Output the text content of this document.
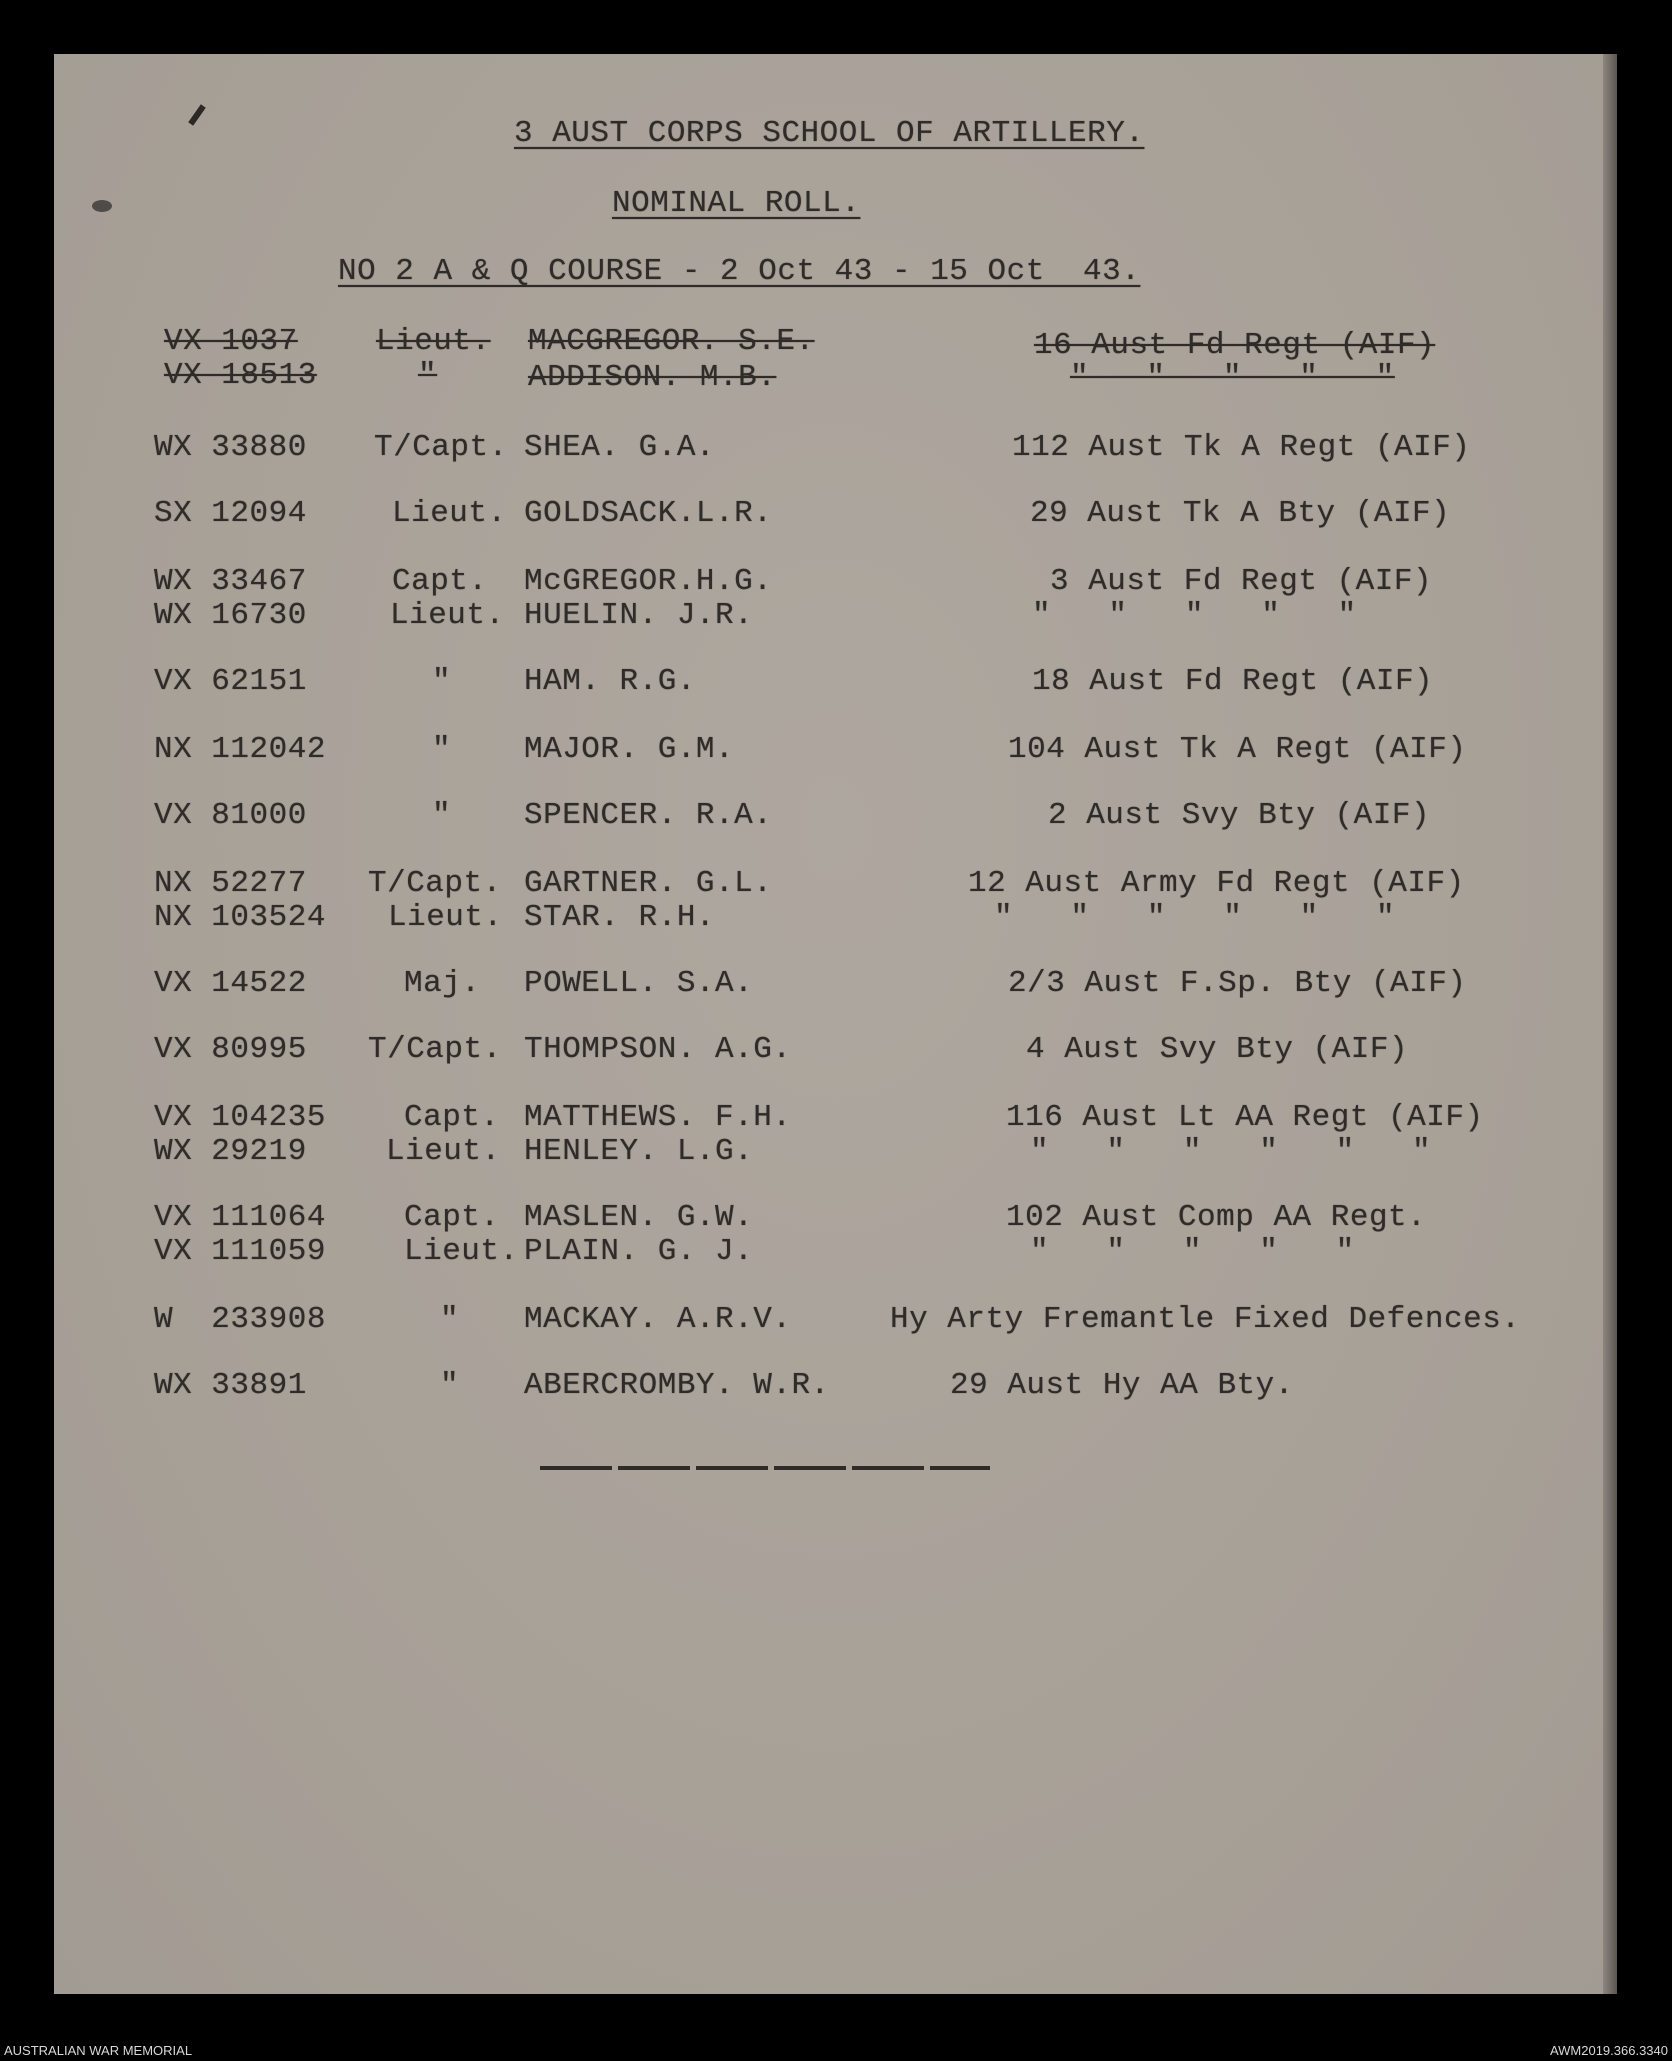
3 AUST CORPS SCHOOL OF ARTILLERY.
NOMINAL ROLL.
NO 2 A & Q COURSE - 2 Oct 43 - 15 Oct  43.
VX 1037	Lieut. MACGREGOR. S.E.	16 Aust Fd Regt (AIF)
VX 18513	"	ADDISON. M.B.	"   "   "   "   "
WX 33880 T/Capt. SHEA. G.A.	112 Aust Tk A Regt (AIF)
SX 12094	Lieut. GOLDSACK.L.R.	29 Aust Tk A Bty (AIF)
WX 33467	Capt. McGREGOR.H.G.	3 Aust Fd Regt (AIF)
WX 16730	Lieut. HUELIN. J.R.	"   "   "   "   "
VX 62151	" HAM. R.G.	18 Aust Fd Regt (AIF)
NX 112042	" MAJOR. G.M.	104 Aust Tk A Regt (AIF)
VX 81000	" SPENCER. R.A.	2 Aust Svy Bty (AIF)
NX 52277 T/Capt. GARTNER. G.L.	12 Aust Army Fd Regt (AIF)
NX 103524 Lieut. STAR. R.H.	"   "   "   "   "   "
VX 14522	Maj. POWELL. S.A.	2/3 Aust F.Sp. Bty (AIF)
VX 80995 T/Capt. THOMPSON. A.G.	4 Aust Svy Bty (AIF)
VX 104235	Capt. MATTHEWS. F.H.	116 Aust Lt AA Regt (AIF)
WX 29219	Lieut. HENLEY. L.G.	"   "   "   "   "   "
VX 111064	Capt. MASLEN. G.W.	102 Aust Comp AA Regt.
VX 111059	Lieut. PLAIN. G. J.	"   "   "   "   "
W  233908	" MACKAY. A.R.V.	Hy Arty Fremantle Fixed Defences.
WX 33891	" ABERCROMBY. W.R.	29 Aust Hy AA Bty.
AUSTRALIAN WAR MEMORIAL	AWM2019.366.3340
